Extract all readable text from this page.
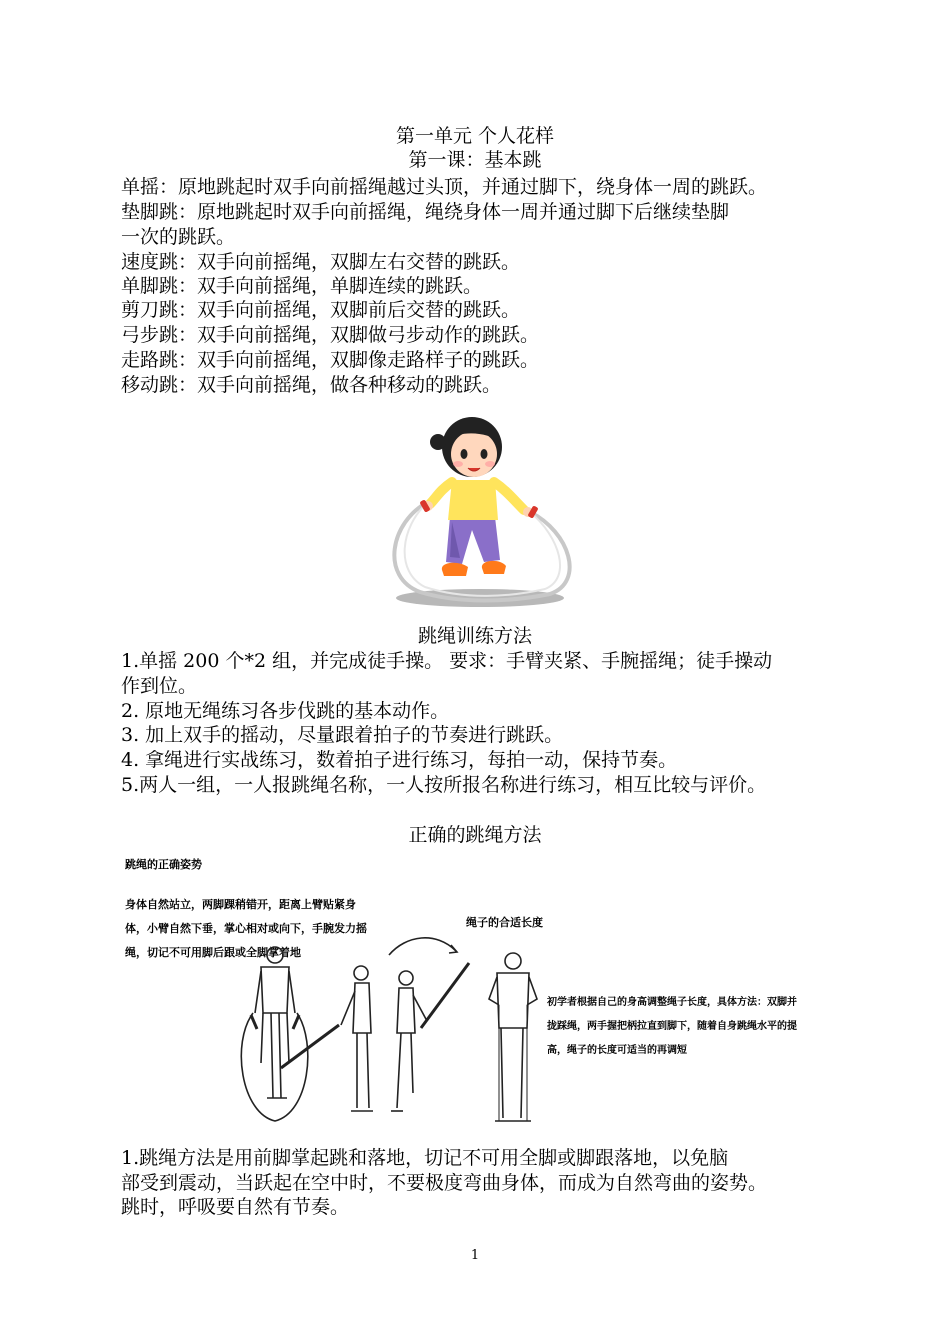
第一单元 个人花样
第一课：基本跳
单摇：原地跳起时双手向前摇绳越过头顶，并通过脚下，绕身体一周的跳跃。
垫脚跳：原地跳起时双手向前摇绳，绳绕身体一周并通过脚下后继续垫脚
一次的跳跃。
速度跳：双手向前摇绳，双脚左右交替的跳跃。
单脚跳：双手向前摇绳，单脚连续的跳跃。
剪刀跳：双手向前摇绳，双脚前后交替的跳跃。
弓步跳：双手向前摇绳，双脚做弓步动作的跳跃。
走路跳：双手向前摇绳，双脚像走路样子的跳跃。
移动跳：双手向前摇绳，做各种移动的跳跃。
跳绳训练方法
1.单摇 200 个*2 组，并完成徒手操。 要求：手臂夹紧、手腕摇绳；徒手操动
作到位。
2. 原地无绳练习各步伐跳的基本动作。
3. 加上双手的摇动，尽量跟着拍子的节奏进行跳跃。
4. 拿绳进行实战练习，数着拍子进行练习，每拍一动，保持节奏。
5.两人一组，一人报跳绳名称，一人按所报名称进行练习，相互比较与评价。
正确的跳绳方法
跳绳的正确姿势
身体自然站立，两脚踝稍错开，距离上臂贴紧身
体，小臂自然下垂，掌心相对或向下，手腕发力摇
绳，切记不可用脚后跟或全脚掌着地
绳子的合适长度
初学者根据自己的身高调整绳子长度，具体方法：双脚并
拢踩绳，两手握把柄拉直到脚下，随着自身跳绳水平的提
高，绳子的长度可适当的再调短
1.跳绳方法是用前脚掌起跳和落地，切记不可用全脚或脚跟落地，以免脑
部受到震动，当跃起在空中时，不要极度弯曲身体，而成为自然弯曲的姿势。
跳时，呼吸要自然有节奏。
1
